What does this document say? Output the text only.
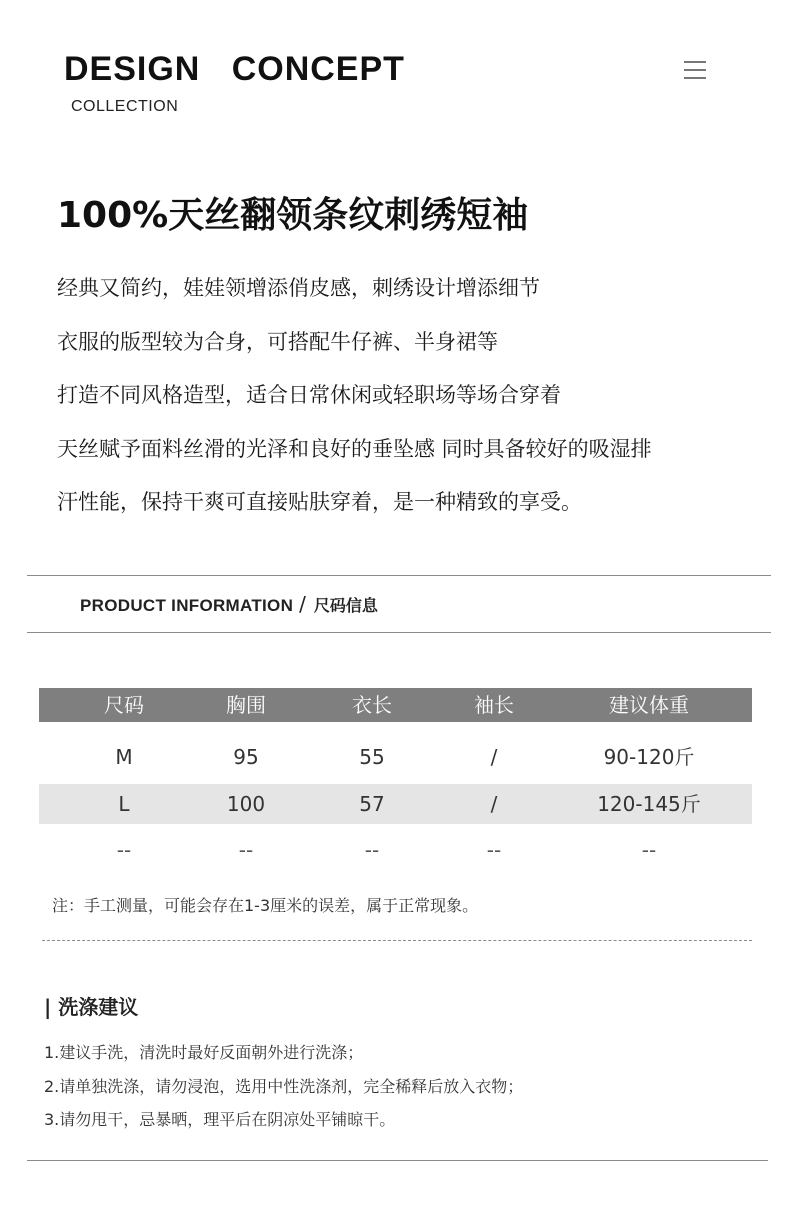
DESIGN   CONCEPT
COLLECTION
100%天丝翻领条纹刺绣短袖

经典又简约，娃娃领增添俏皮感，刺绣设计增添细节

衣服的版型较为合身，可搭配牛仔裤、半身裙等

打造不同风格造型，适合日常休闲或轻职场等场合穿着

天丝赋予面料丝滑的光泽和良好的垂坠感 同时具备较好的吸湿排

汗性能，保持干爽可直接贴肤穿着，是一种精致的享受。

PRODUCT INFORMATION / 尺码信息
尺码	胸围	衣长	袖长	建议体重
M	95	55	/	90-120斤
L	100	57	/	120-145斤
--	--	--	--	--

注：手工测量，可能会存在1-3厘米的误差，属于正常现象。

| 洗涤建议

1.建议手洗，清洗时最好反面朝外进行洗涤；

2.请单独洗涤，请勿浸泡，选用中性洗涤剂，完全稀释后放入衣物；

3.请勿甩干，忌暴晒，理平后在阴凉处平铺晾干。
